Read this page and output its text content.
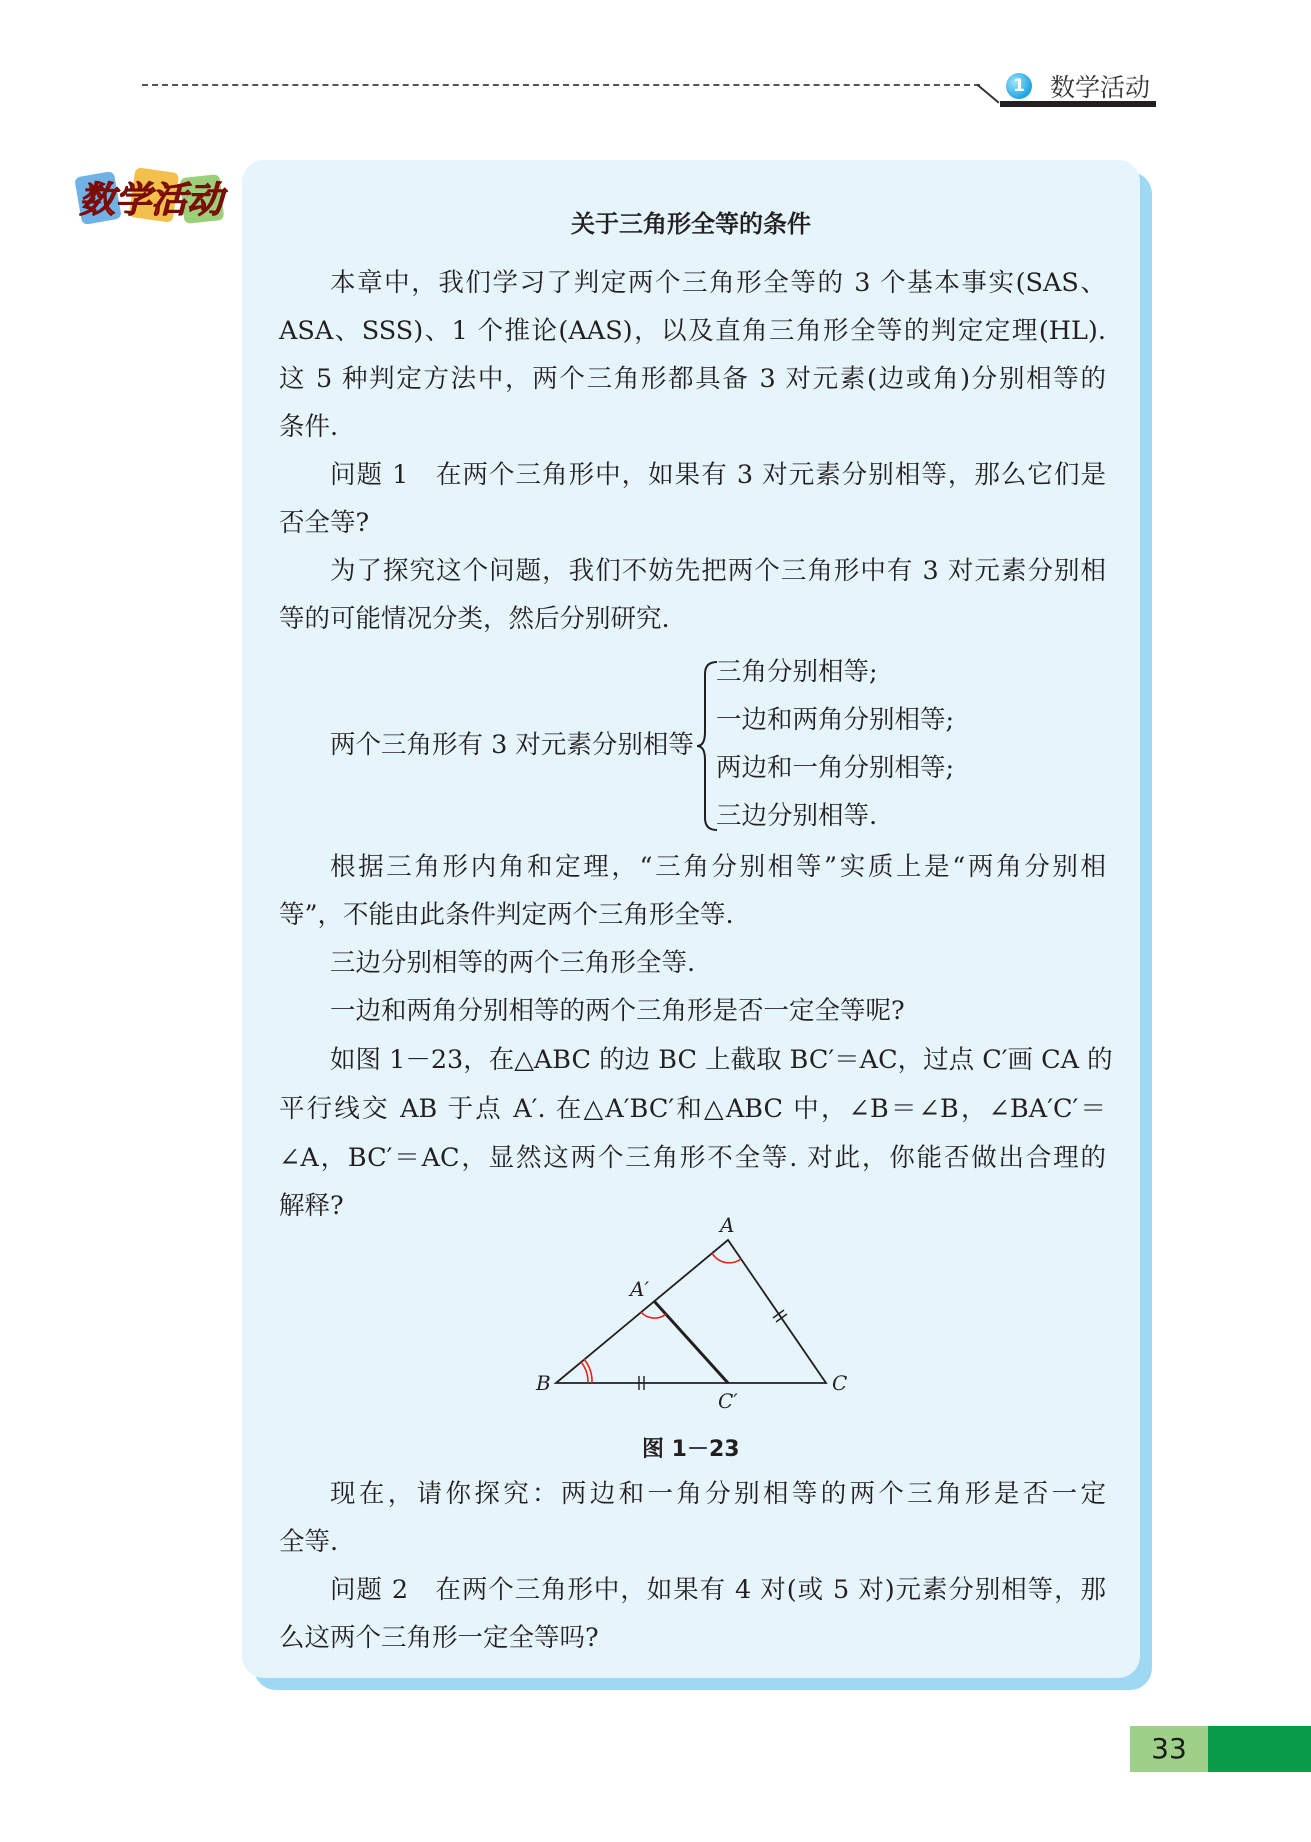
1 数学活动
数学活动
关于三角形全等的条件
本章中，我们学习了判定两个三角形全等的 3 个基本事实(SAS、
ASA、SSS)、1 个推论(AAS)，以及直角三角形全等的判定定理(HL).
这 5 种判定方法中，两个三角形都具备 3 对元素(边或角)分别相等的
条件.
问题 1　在两个三角形中，如果有 3 对元素分别相等，那么它们是
否全等?
为了探究这个问题，我们不妨先把两个三角形中有 3 对元素分别相
等的可能情况分类，然后分别研究.
两个三角形有 3 对元素分别相等
三角分别相等;
一边和两角分别相等;
两边和一角分别相等;
三边分别相等.
根据三角形内角和定理，“三角分别相等”实质上是“两角分别相
等”，不能由此条件判定两个三角形全等.
三边分别相等的两个三角形全等.
一边和两角分别相等的两个三角形是否一定全等呢?
如图 1－23，在△ABC 的边 BC 上截取 BC′＝AC，过点 C′画 CA 的
平行线交 AB 于点 A′. 在△A′BC′和△ABC 中，∠B＝∠B，∠BA′C′＝
∠A，BC′＝AC，显然这两个三角形不全等. 对此，你能否做出合理的
解释?
A
A′
B	C
C′
图 1－23
现在，请你探究：两边和一角分别相等的两个三角形是否一定
全等.
问题 2　在两个三角形中，如果有 4 对(或 5 对)元素分别相等，那
么这两个三角形一定全等吗?
33
